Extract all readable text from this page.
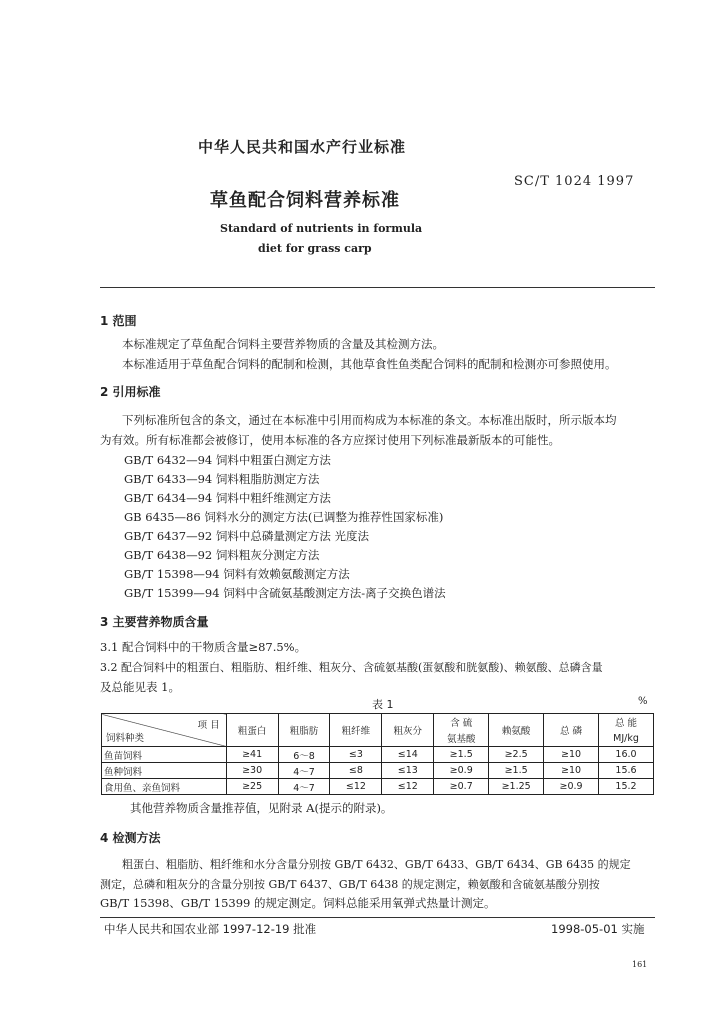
中华人民共和国水产行业标准
SC/T 1024 1997
草鱼配合饲料营养标准
Standard of nutrients in formula
diet for grass carp
1 范围
本标准规定了草鱼配合饲料主要营养物质的含量及其检测方法。
本标准适用于草鱼配合饲料的配制和检测，其他草食性鱼类配合饲料的配制和检测亦可参照使用。
2 引用标准
下列标准所包含的条文，通过在本标准中引用而构成为本标准的条文。本标准出版时，所示版本均
为有效。所有标准都会被修订，使用本标准的各方应探讨使用下列标准最新版本的可能性。
GB/T 6432—94 饲料中粗蛋白测定方法
GB/T 6433—94 饲料粗脂肪测定方法
GB/T 6434—94 饲料中粗纤维测定方法
GB 6435—86 饲料水分的测定方法(已调整为推荐性国家标准)
GB/T 6437—92 饲料中总磷量测定方法 光度法
GB/T 6438—92 饲料粗灰分测定方法
GB/T 15398—94 饲料有效赖氨酸测定方法
GB/T 15399—94 饲料中含硫氨基酸测定方法-离子交换色谱法
3 主要营养物质含量
3.1 配合饲料中的干物质含量≥87.5%。
3.2 配合饲料中的粗蛋白、粗脂肪、粗纤维、粗灰分、含硫氨基酸(蛋氨酸和胱氨酸)、赖氨酸、总磷含量
及总能见表 1。
表 1	%
项 目
饲料种类	粗蛋白	粗脂肪	粗纤维	粗灰分	含 硫	赖氨酸	总 磷	总 能
					氨基酸			MJ/kg
鱼苗饲料	≥41	6～8	≤3	≤14	≥1.5	≥2.5	≥10	16.0
鱼种饲料	≥30	4～7	≤8	≤13	≥0.9	≥1.5	≥10	15.6
食用鱼、亲鱼饲料	≥25	4～7	≤12	≤12	≥0.7	≥1.25	≥0.9	15.2
其他营养物质含量推荐值，见附录 A(提示的附录)。
4 检测方法
粗蛋白、粗脂肪、粗纤维和水分含量分别按 GB/T 6432、GB/T 6433、GB/T 6434、GB 6435 的规定
测定，总磷和粗灰分的含量分别按 GB/T 6437、GB/T 6438 的规定测定，赖氨酸和含硫氨基酸分别按
GB/T 15398、GB/T 15399 的规定测定。饲料总能采用氧弹式热量计测定。
中华人民共和国农业部 1997-12-19 批准	1998-05-01 实施
161
